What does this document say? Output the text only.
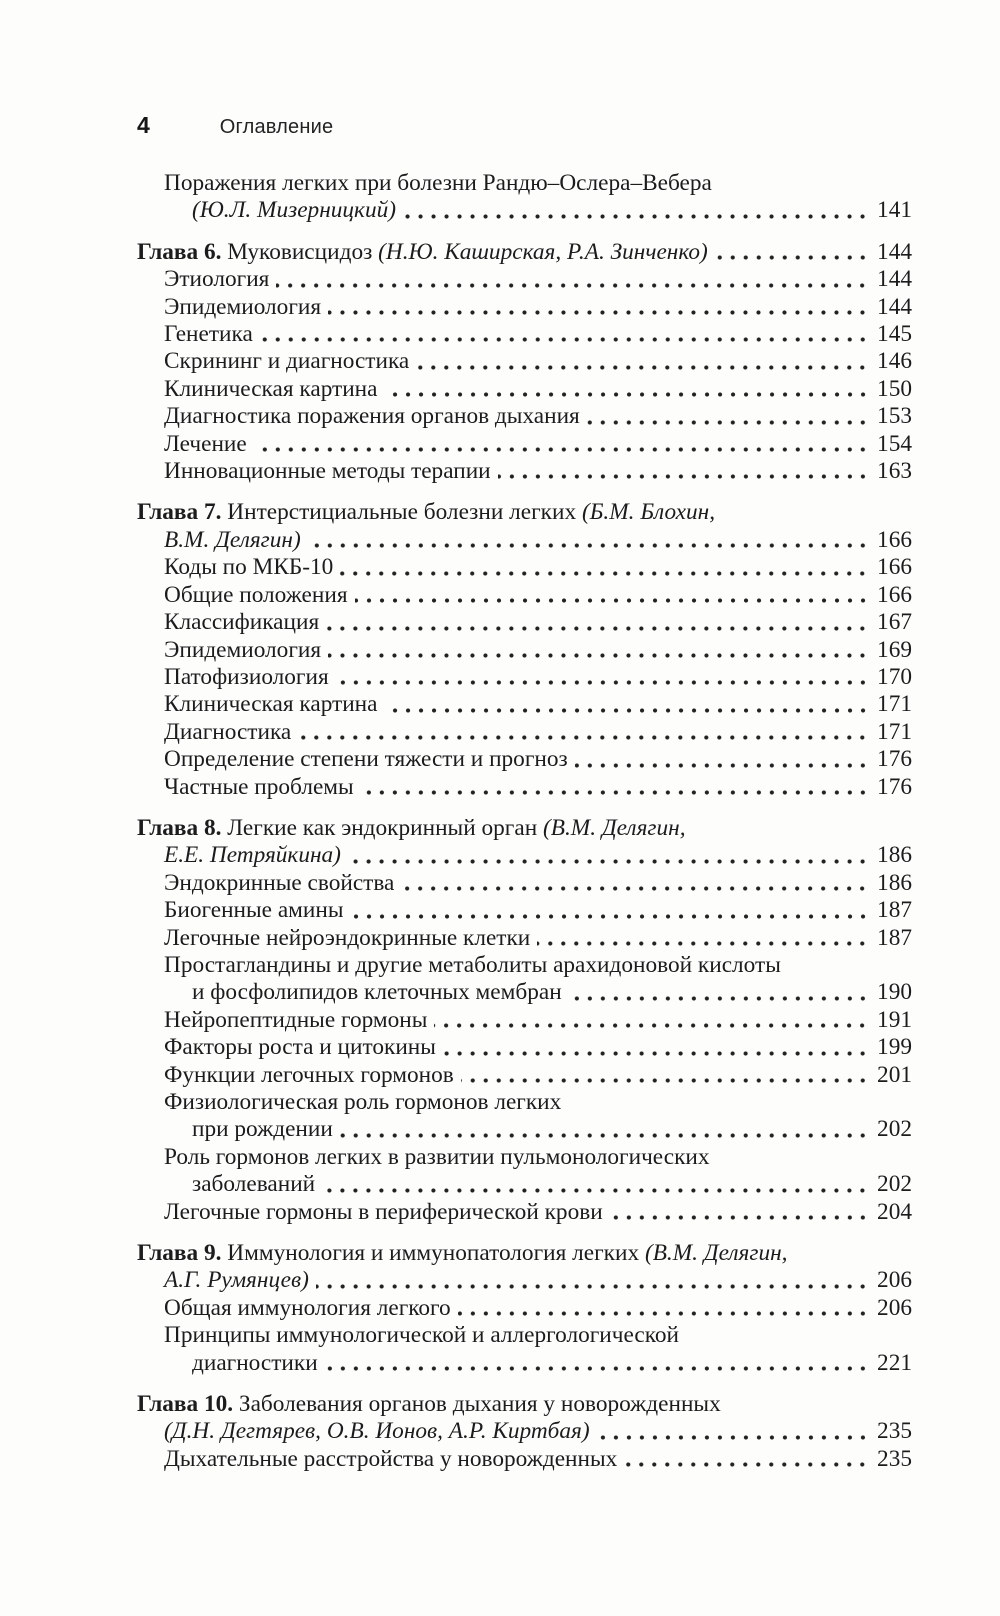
4	Оглавление
Поражения легких при болезни Рандю–Ослера–Вебера
(Ю.Л. Мизерницкий)	141
Глава 6. Муковисцидоз (Н.Ю. Каширская, Р.А. Зинченко)	144
Этиология	144
Эпидемиология	144
Генетика	145
Скрининг и диагностика	146
Клиническая картина	150
Диагностика поражения органов дыхания	153
Лечение	154
Инновационные методы терапии	163
Глава 7. Интерстициальные болезни легких (Б.М. Блохин,
В.М. Делягин)	166
Коды по МКБ-10	166
Общие положения	166
Классификация	167
Эпидемиология	169
Патофизиология	170
Клиническая картина	171
Диагностика	171
Определение степени тяжести и прогноз	176
Частные проблемы	176
Глава 8. Легкие как эндокринный орган (В.М. Делягин,
Е.Е. Петряйкина)	186
Эндокринные свойства	186
Биогенные амины	187
Легочные нейроэндокринные клетки	187
Простагландины и другие метаболиты арахидоновой кислоты
и фосфолипидов клеточных мембран	190
Нейропептидные гормоны	191
Факторы роста и цитокины	199
Функции легочных гормонов	201
Физиологическая роль гормонов легких
при рождении	202
Роль гормонов легких в развитии пульмонологических
заболеваний	202
Легочные гормоны в периферической крови	204
Глава 9. Иммунология и иммунопатология легких (В.М. Делягин,
А.Г. Румянцев)	206
Общая иммунология легкого	206
Принципы иммунологической и аллергологической
диагностики	221
Глава 10. Заболевания органов дыхания у новорожденных
(Д.Н. Дегтярев, О.В. Ионов, А.Р. Киртбая)	235
Дыхательные расстройства у новорожденных	235
